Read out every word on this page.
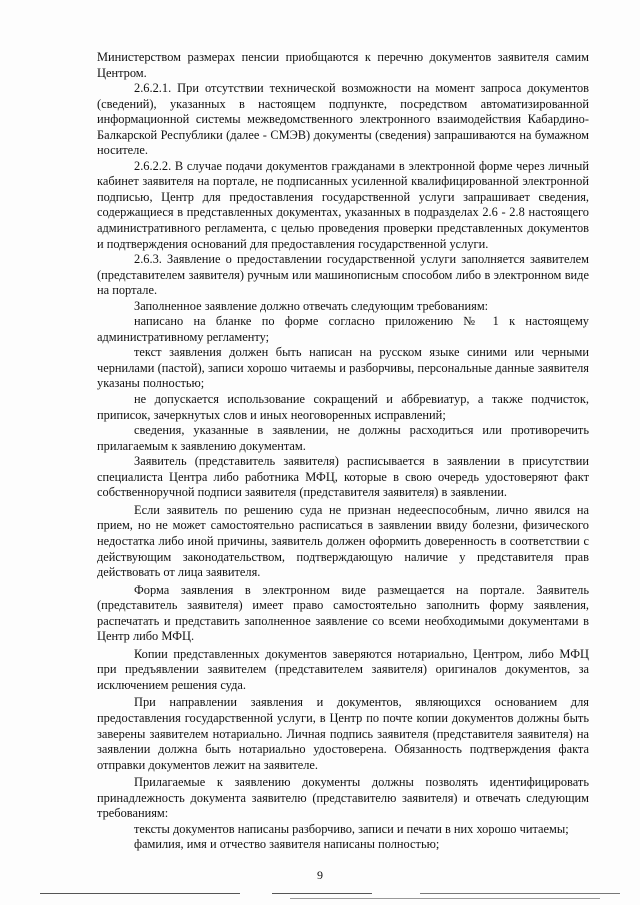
Министерством размерах пенсии приобщаются к перечню документов заявителя самим Центром.

2.6.2.1. При отсутствии технической возможности на момент запроса документов (сведений), указанных в настоящем подпункте, посредством автоматизированной информационной системы межведомственного электронного взаимодействия Кабардино-Балкарской Республики (далее - СМЭВ) документы (сведения) запрашиваются на бумажном носителе.

2.6.2.2. В случае подачи документов гражданами в электронной форме через личный кабинет заявителя на портале, не подписанных усиленной квалифицированной электронной подписью, Центр для предоставления государственной услуги запрашивает сведения, содержащиеся в представленных документах, указанных в подразделах 2.6 - 2.8 настоящего административного регламента, с целью проведения проверки представленных документов и подтверждения оснований для предоставления государственной услуги.

2.6.3. Заявление о предоставлении государственной услуги заполняется заявителем (представителем заявителя) ручным или машинописным способом либо в электронном виде на портале.

Заполненное заявление должно отвечать следующим требованиям:

написано на бланке по форме согласно приложению № 1 к настоящему административному регламенту;

текст заявления должен быть написан на русском языке синими или черными чернилами (пастой), записи хорошо читаемы и разборчивы, персональные данные заявителя указаны полностью;

не допускается использование сокращений и аббревиатур, а также подчисток, приписок, зачеркнутых слов и иных неоговоренных исправлений;

сведения, указанные в заявлении, не должны расходиться или противоречить прилагаемым к заявлению документам.

Заявитель (представитель заявителя) расписывается в заявлении в присутствии специалиста Центра либо работника МФЦ, которые в свою очередь удостоверяют факт собственноручной подписи заявителя (представителя заявителя) в заявлении.

Если заявитель по решению суда не признан недееспособным, лично явился на прием, но не может самостоятельно расписаться в заявлении ввиду болезни, физического недостатка либо иной причины, заявитель должен оформить доверенность в соответствии с действующим законодательством, подтверждающую наличие у представителя прав действовать от лица заявителя.

Форма заявления в электронном виде размещается на портале. Заявитель (представитель заявителя) имеет право самостоятельно заполнить форму заявления, распечатать и представить заполненное заявление со всеми необходимыми документами в Центр либо МФЦ.

Копии представленных документов заверяются нотариально, Центром, либо МФЦ при предъявлении заявителем (представителем заявителя) оригиналов документов, за исключением решения суда.

При направлении заявления и документов, являющихся основанием для предоставления государственной услуги, в Центр по почте копии документов должны быть заверены заявителем нотариально. Личная подпись заявителя (представителя заявителя) на заявлении должна быть нотариально удостоверена. Обязанность подтверждения факта отправки документов лежит на заявителе.

Прилагаемые к заявлению документы должны позволять идентифицировать принадлежность документа заявителю (представителю заявителя) и отвечать следующим требованиям:

тексты документов написаны разборчиво, записи и печати в них хорошо читаемы;

фамилия, имя и отчество заявителя написаны полностью;

9
